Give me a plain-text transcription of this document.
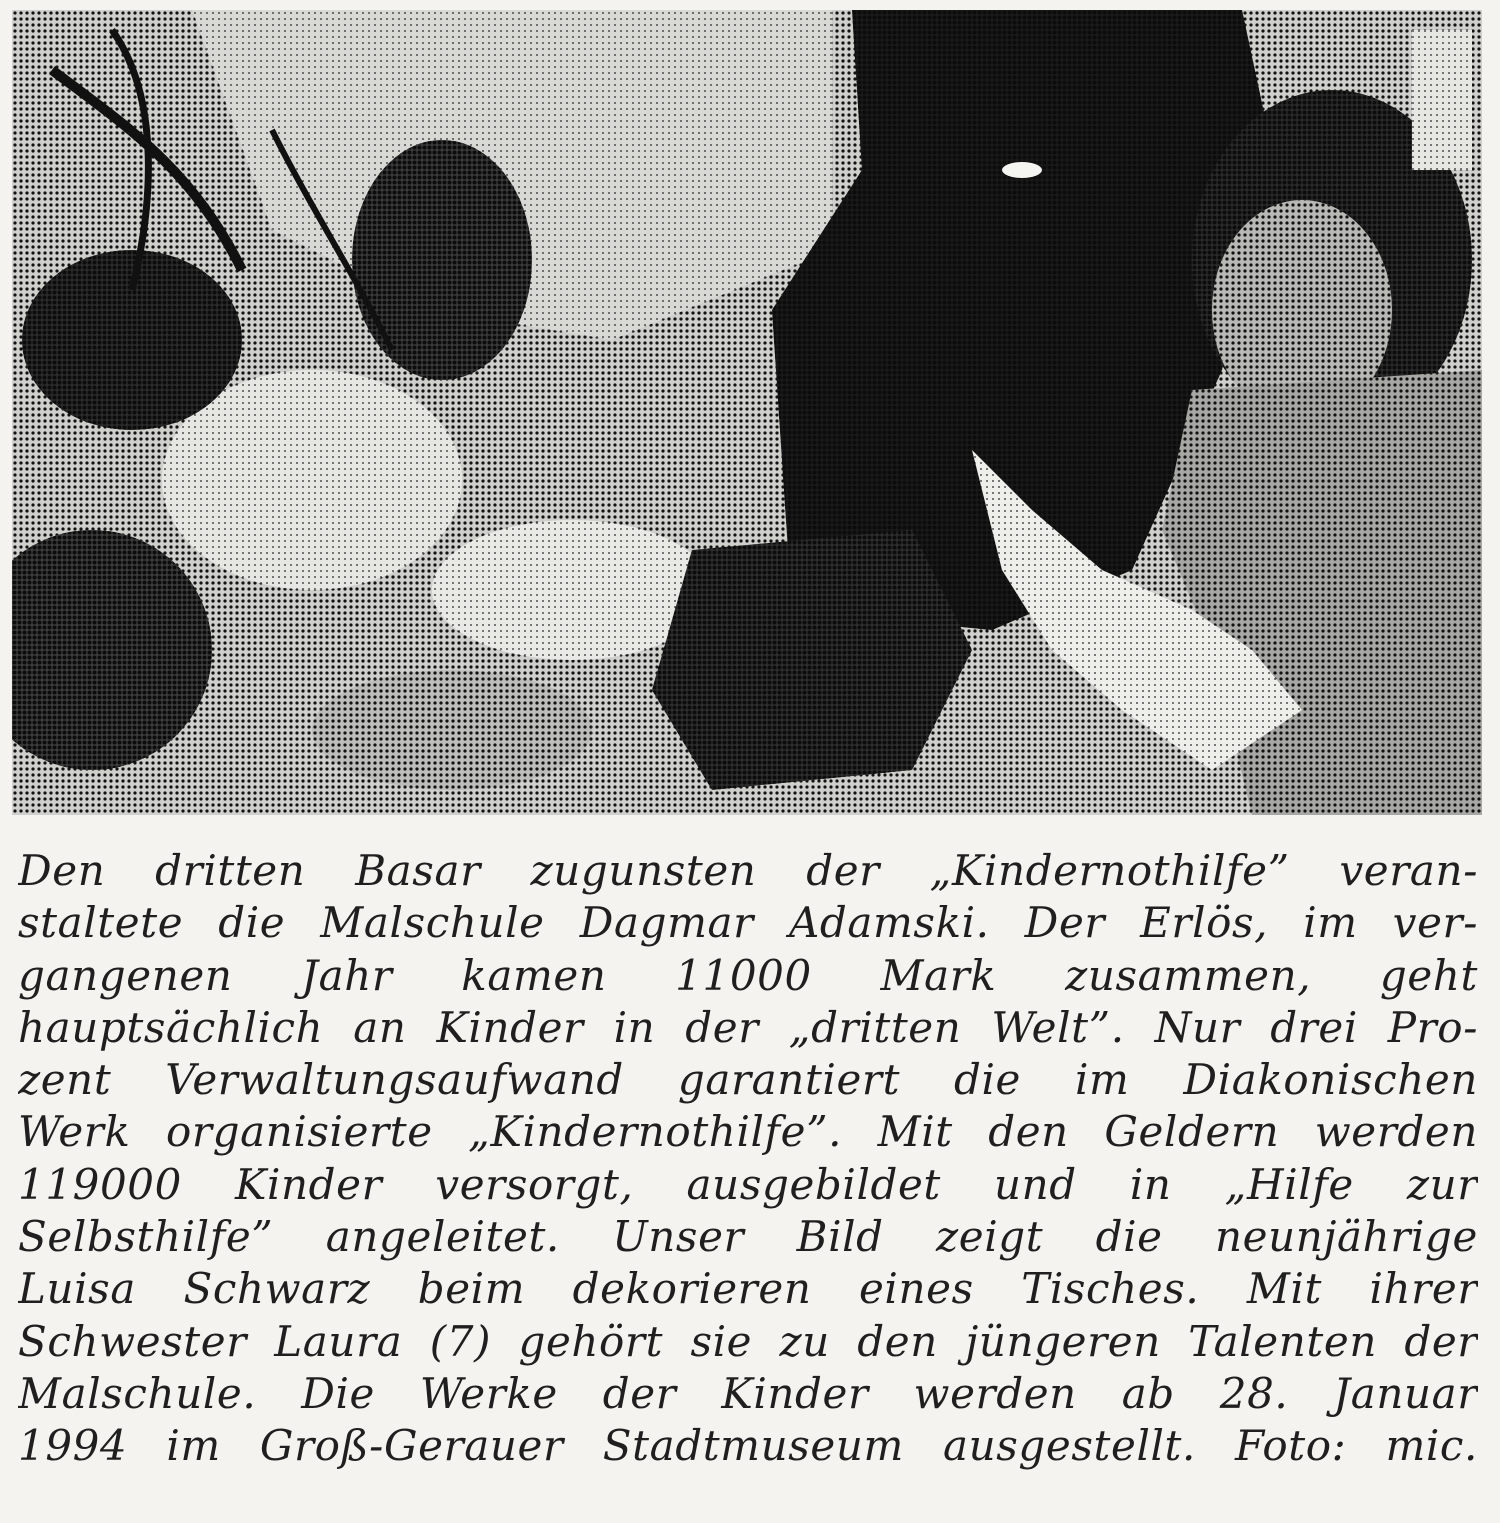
Den dritten Basar zugunsten der „Kindernothilfe” veran-
staltete die Malschule Dagmar Adamski. Der Erlös, im ver-
gangenen Jahr kamen 11000 Mark zusammen, geht
hauptsächlich an Kinder in der „dritten Welt”. Nur drei Pro-
zent Verwaltungsaufwand garantiert die im Diakonischen
Werk organisierte „Kindernothilfe”. Mit den Geldern werden
119000 Kinder versorgt, ausgebildet und in „Hilfe zur
Selbsthilfe” angeleitet. Unser Bild zeigt die neunjährige
Luisa Schwarz beim dekorieren eines Tisches. Mit ihrer
Schwester Laura (7) gehört sie zu den jüngeren Talenten der
Malschule. Die Werke der Kinder werden ab 28. Januar
1994 im Groß-Gerauer Stadtmuseum ausgestellt. Foto: mic.
